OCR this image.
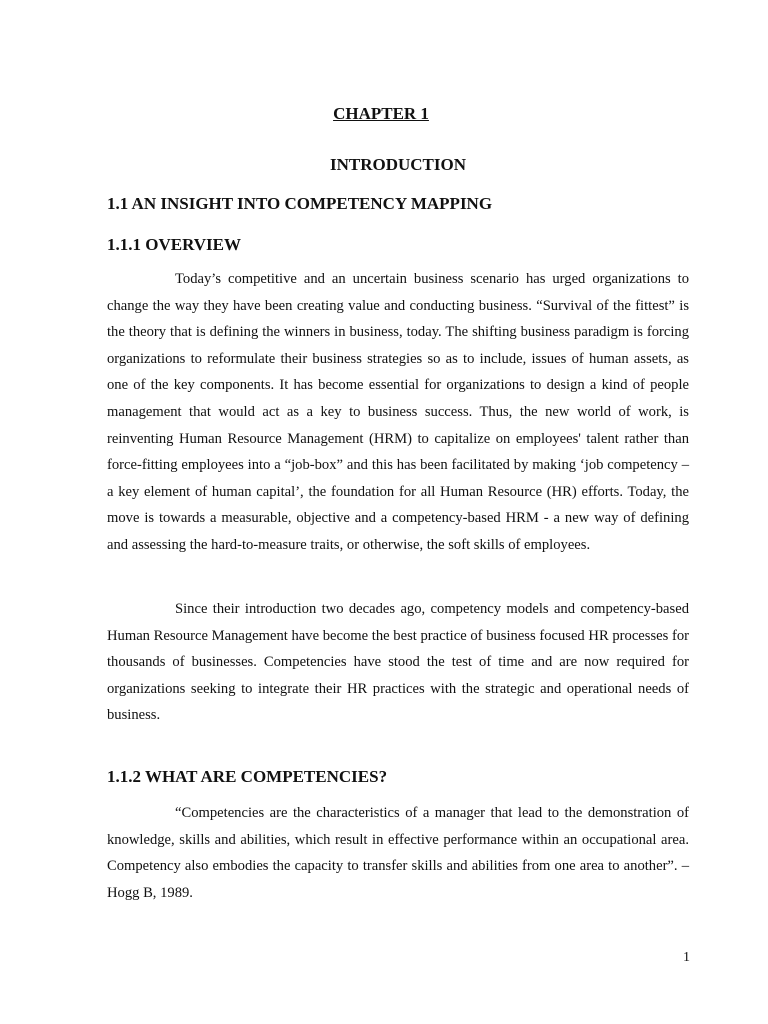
CHAPTER 1
INTRODUCTION
1.1 AN INSIGHT INTO COMPETENCY MAPPING
1.1.1 OVERVIEW

Today’s competitive and an uncertain business scenario has urged organizations to change the way they have been creating value and conducting business. “Survival of the fittest” is the theory that is defining the winners in business, today. The shifting business paradigm is forcing organizations to reformulate their business strategies so as to include, issues of human assets, as one of the key components. It has become essential for organizations to design a kind of people management that would act as a key to business success. Thus, the new world of work, is reinventing Human Resource Management (HRM) to capitalize on employees' talent rather than force-fitting employees into a “job-box” and this has been facilitated by making ‘job competency – a key element of human capital’, the foundation for all Human Resource (HR) efforts. Today, the move is towards a measurable, objective and a competency-based HRM - a new way of defining and assessing the hard-to-measure traits, or otherwise, the soft skills of employees.

Since their introduction two decades ago, competency models and competency-based Human Resource Management have become the best practice of business focused HR processes for thousands of businesses. Competencies have stood the test of time and are now required for organizations seeking to integrate their HR practices with the strategic and operational needs of business.

1.1.2 WHAT ARE COMPETENCIES?

“Competencies are the characteristics of a manager that lead to the demonstration of knowledge, skills and abilities, which result in effective performance within an occupational area. Competency also embodies the capacity to transfer skills and abilities from one area to another”. – Hogg B, 1989.

1
